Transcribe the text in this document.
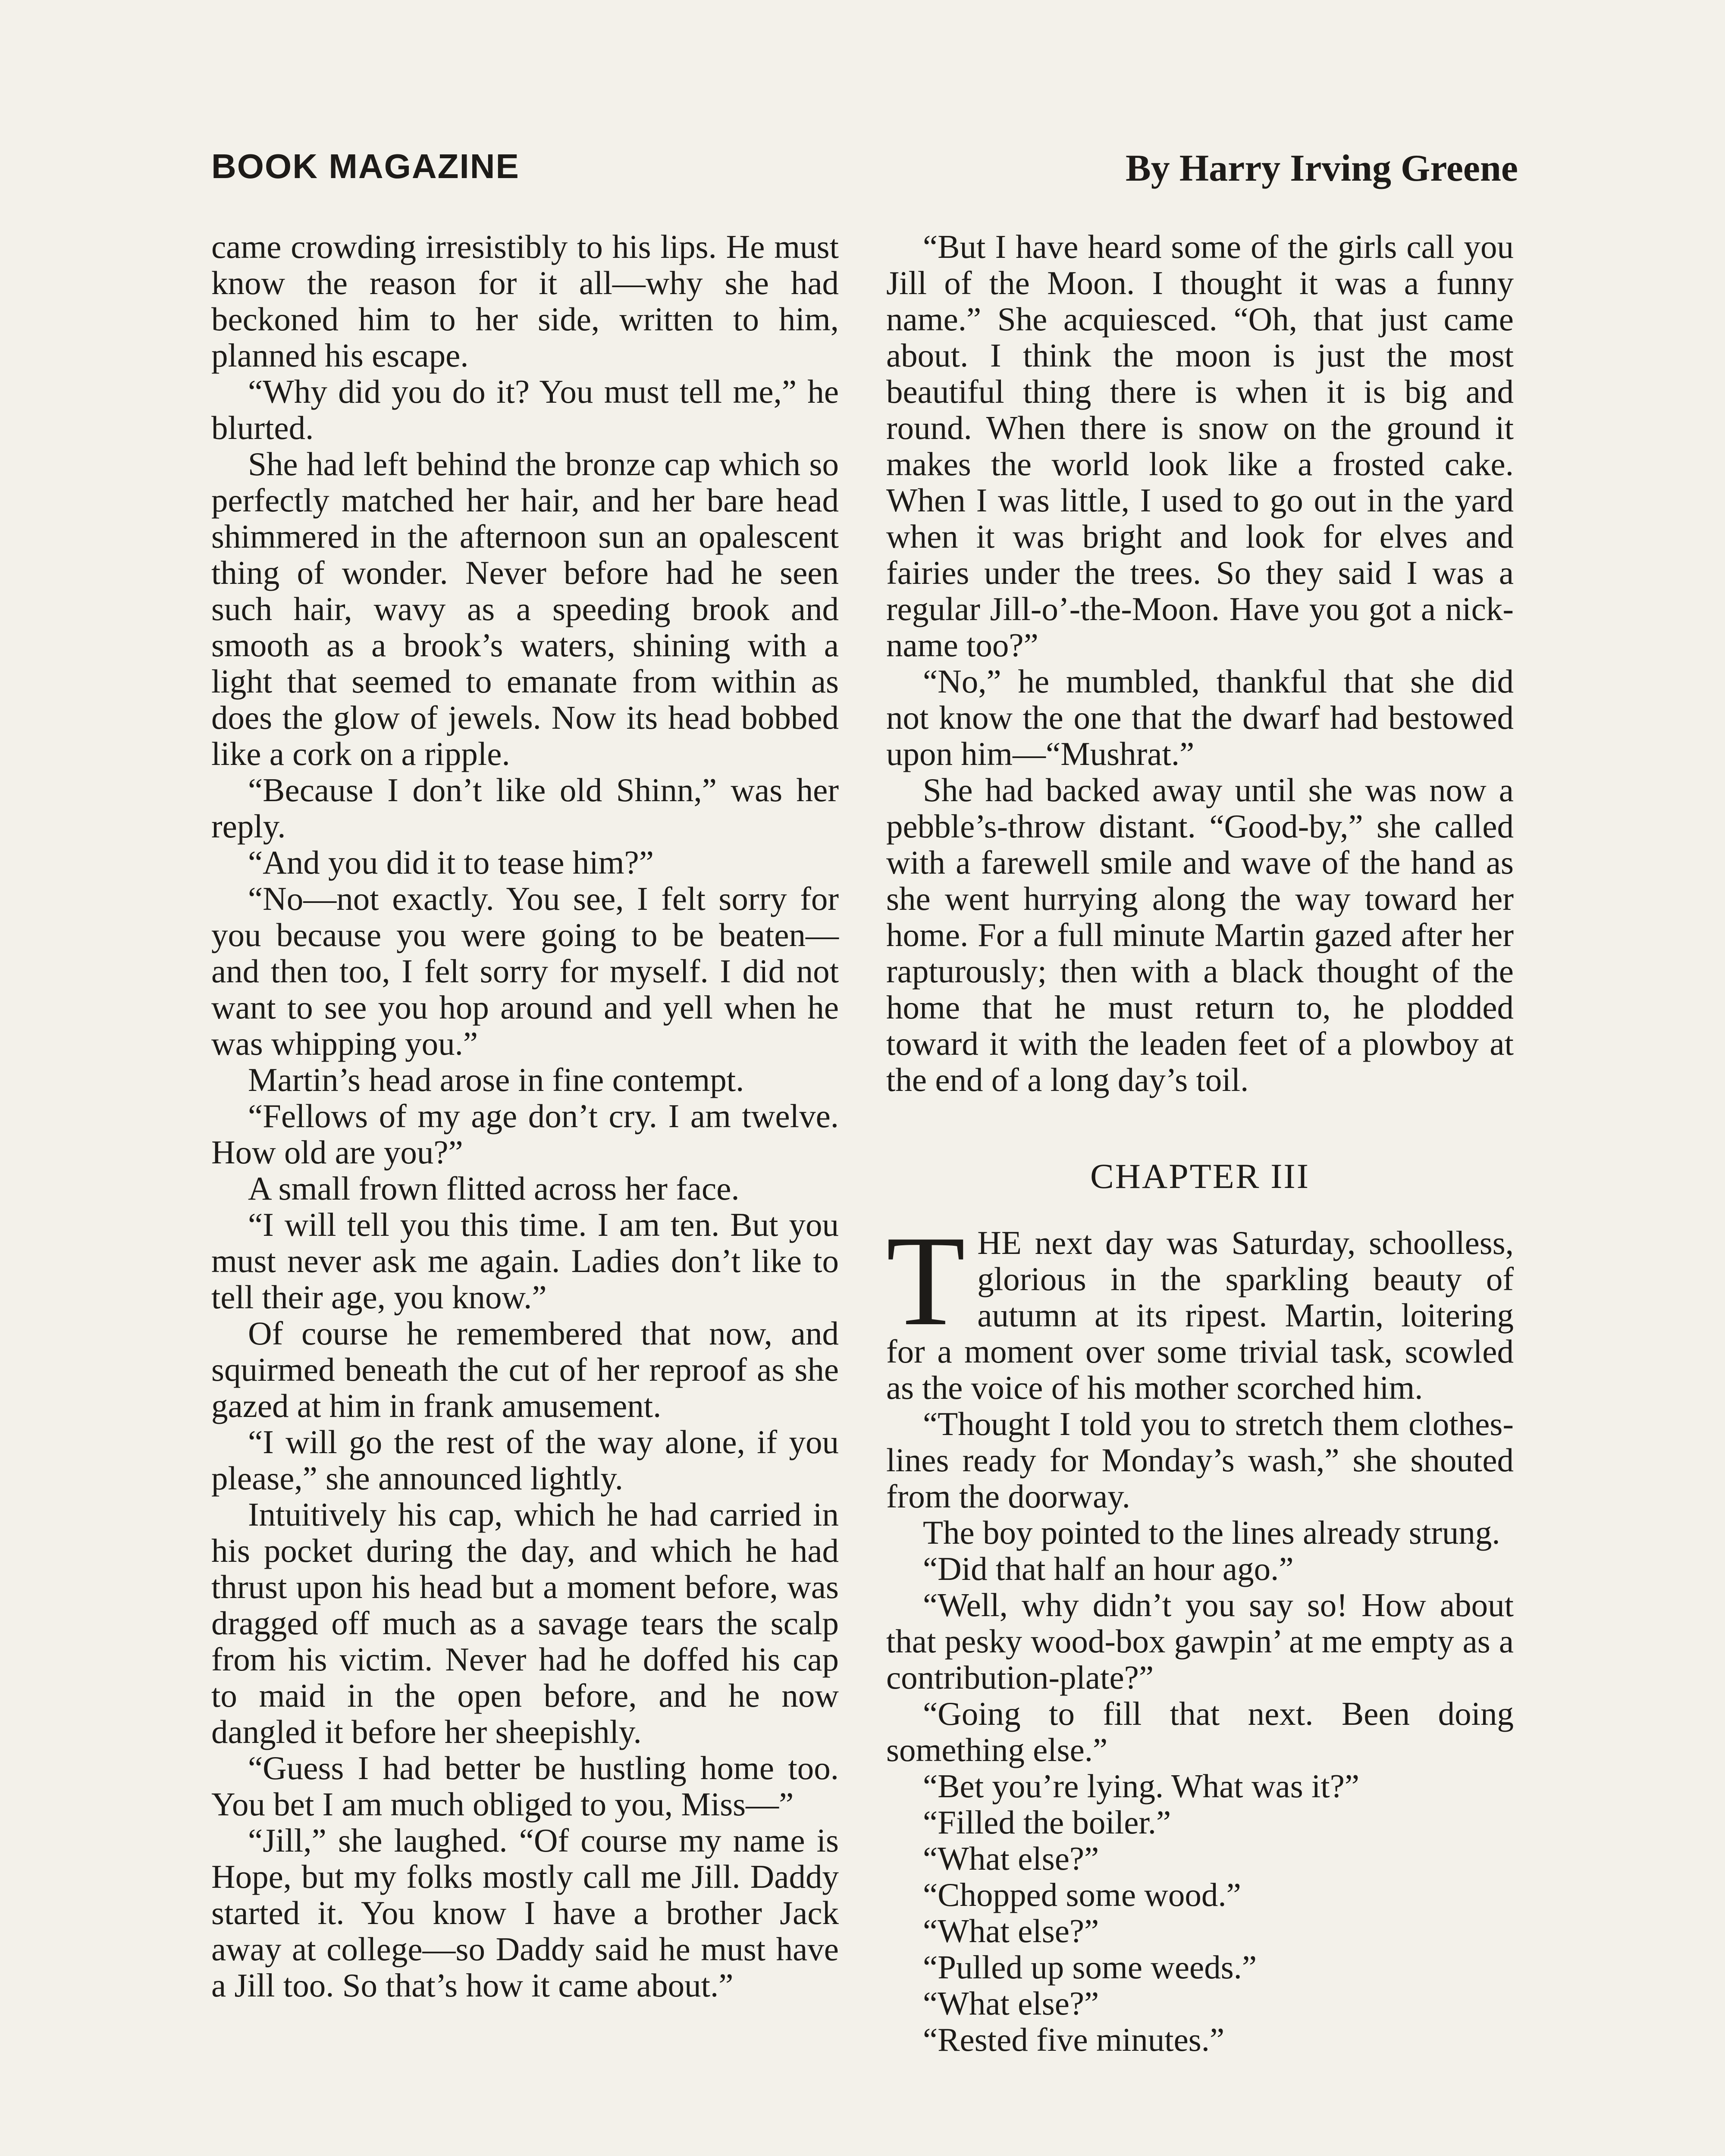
BOOK MAGAZINE	By Harry Irving Greene

came crowding irresistibly to his lips. He must know the reason for it all—why she had beckoned him to her side, written to him, planned his escape.

“Why did you do it? You must tell me,” he blurted.

She had left behind the bronze cap which so perfectly matched her hair, and her bare head shimmered in the afternoon sun an opalescent thing of wonder. Never before had he seen such hair, wavy as a speeding brook and smooth as a brook’s waters, shining with a light that seemed to emanate from within as does the glow of jewels. Now its head bobbed like a cork on a ripple.

“Because I don’t like old Shinn,” was her reply.

“And you did it to tease him?”

“No—not exactly. You see, I felt sorry for you because you were going to be beaten—and then too, I felt sorry for myself. I did not want to see you hop around and yell when he was whipping you.”

Martin’s head arose in fine contempt.

“Fellows of my age don’t cry. I am twelve. How old are you?”

A small frown flitted across her face.

“I will tell you this time. I am ten. But you must never ask me again. Ladies don’t like to tell their age, you know.”

Of course he remembered that now, and squirmed beneath the cut of her reproof as she gazed at him in frank amusement.

“I will go the rest of the way alone, if you please,” she announced lightly.

Intuitively his cap, which he had carried in his pocket during the day, and which he had thrust upon his head but a moment before, was dragged off much as a savage tears the scalp from his victim. Never had he doffed his cap to maid in the open before, and he now dangled it before her sheepishly.

“Guess I had better be hustling home too. You bet I am much obliged to you, Miss—”

“Jill,” she laughed. “Of course my name is Hope, but my folks mostly call me Jill. Daddy started it. You know I have a brother Jack away at college—so Daddy said he must have a Jill too. So that’s how it came about.”

“But I have heard some of the girls call you Jill of the Moon. I thought it was a funny name.” She acquiesced. “Oh, that just came about. I think the moon is just the most beautiful thing there is when it is big and round. When there is snow on the ground it makes the world look like a frosted cake. When I was little, I used to go out in the yard when it was bright and look for elves and fairies under the trees. So they said I was a regular Jill-o’-the-Moon. Have you got a nick-name too?”

“No,” he mumbled, thankful that she did not know the one that the dwarf had bestowed upon him—“Mushrat.”

She had backed away until she was now a pebble’s-throw distant. “Good-by,” she called with a farewell smile and wave of the hand as she went hurrying along the way toward her home. For a full minute Martin gazed after her rapturously; then with a black thought of the home that he must return to, he plodded toward it with the leaden feet of a plowboy at the end of a long day’s toil.

CHAPTER III

T HE next day was Saturday, schoolless, glorious in the sparkling beauty of autumn at its ripest. Martin, loitering for a moment over some trivial task, scowled as the voice of his mother scorched him.

“Thought I told you to stretch them clothes-lines ready for Monday’s wash,” she shouted from the doorway.

The boy pointed to the lines already strung.

“Did that half an hour ago.”

“Well, why didn’t you say so! How about that pesky wood-box gawpin’ at me empty as a contribution-plate?”

“Going to fill that next. Been doing something else.”

“Bet you’re lying. What was it?”

“Filled the boiler.”

“What else?”

“Chopped some wood.”

“What else?”

“Pulled up some weeds.”

“What else?”

“Rested five minutes.”
